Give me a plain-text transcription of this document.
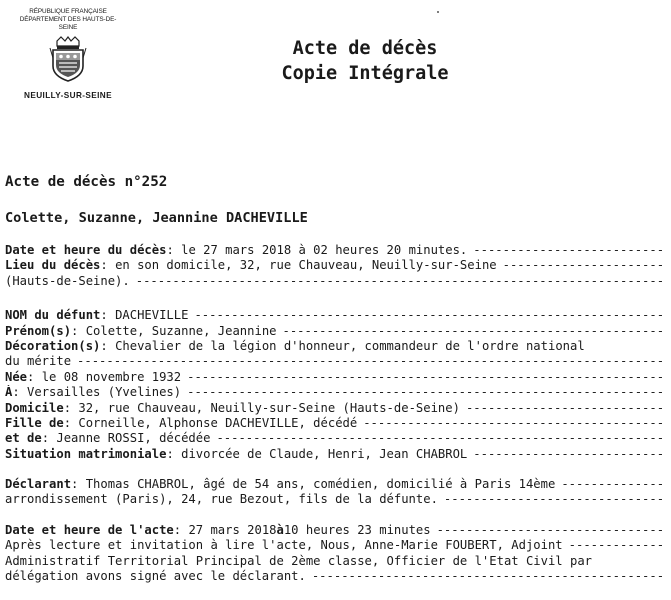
RÉPUBLIQUE FRANÇAISE
DÉPARTEMENT DES HAUTS-DE-SEINE
NEUILLY-SUR-SEINE
Acte de décès
Copie Intégrale
Acte de décès n°252
Colette, Suzanne, Jeannine DACHEVILLE
Date et heure du décès : le 27 mars 2018 à 02 heures 20 minutes.
-----
Lieu du décès : en son domicile, 32, rue Chauveau, Neuilly-sur-Seine
-----
(Hauts-de-Seine).
-----
NOM du défunt : DACHEVILLE
-----
Prénom(s) : Colette, Suzanne, Jeannine
-----
Décoration(s) : Chevalier de la légion d'honneur, commandeur de l'ordre national
du mérite
-----
Née : le 08 novembre 1932
-----
À : Versailles (Yvelines)
-----
Domicile : 32, rue Chauveau, Neuilly-sur-Seine (Hauts-de-Seine)
-----
Fille de : Corneille, Alphonse DACHEVILLE, décédé
-----
et de : Jeanne ROSSI, décédée
-----
Situation matrimoniale : divorcée de Claude, Henri, Jean CHABROL
-----
Déclarant : Thomas CHABROL, âgé de 54 ans, comédien, domicilié à Paris 14ème
-----
arrondissement (Paris), 24, rue Bezout, fils de la défunte.
-----
Date et heure de l'acte : 27 mars 2018 à 10 heures 23 minutes
-----
Après lecture et invitation à lire l'acte, Nous, Anne-Marie FOUBERT, Adjoint
-----
Administratif Territorial Principal de 2ème classe, Officier de l'Etat Civil par
délégation avons signé avec le déclarant.
-----
